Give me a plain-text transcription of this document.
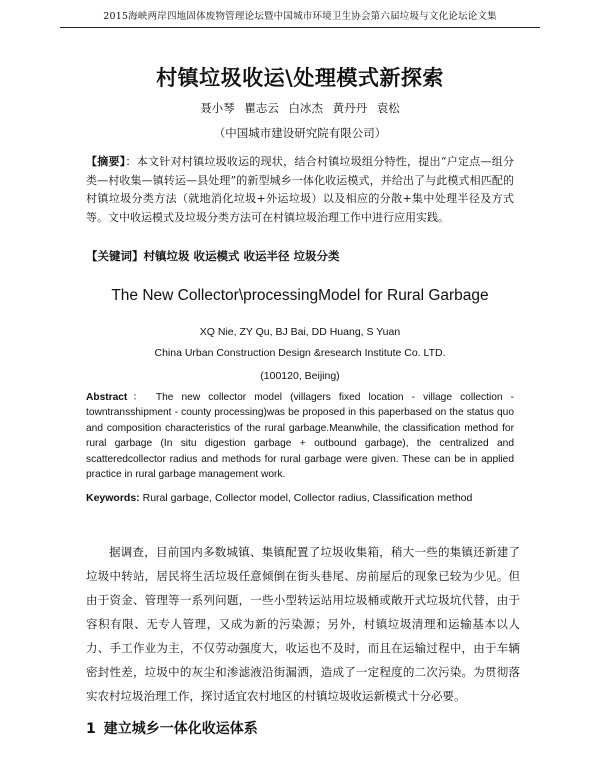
2015海峡两岸四地固体废物管理论坛暨中国城市环境卫生协会第六届垃圾与文化论坛论文集
村镇垃圾收运\处理模式新探索
聂小琴 瞿志云 白冰杰 黄丹丹 袁松
（中国城市建设研究院有限公司）
【摘要】：本文针对村镇垃圾收运的现状，结合村镇垃圾组分特性，提出“户定点—组分类—村收集—镇转运—县处理”的新型城乡一体化收运模式，并给出了与此模式相匹配的村镇垃圾分类方法（就地消化垃圾+外运垃圾）以及相应的分散+集中处理半径及方式等。文中收运模式及垃圾分类方法可在村镇垃圾治理工作中进行应用实践。
【关键词】村镇垃圾 收运模式 收运半径 垃圾分类
The New Collector\processingModel for Rural Garbage
XQ Nie, ZY Qu, BJ Bai, DD Huang, S Yuan
China Urban Construction Design &research Institute Co. LTD.
(100120, Beijing)
Abstract： The new collector model (villagers fixed location - village collection - towntransshipment - county processing)was be proposed in this paperbased on the status quo and composition characteristics of the rural garbage.Meanwhile, the classification method for rural garbage (In situ digestion garbage + outbound garbage), the centralized and scatteredcollector radius and methods for rural garbage were given. These can be in applied practice in rural garbage management work.
Keywords: Rural garbage, Collector model, Collector radius, Classification method
据调查，目前国内多数城镇、集镇配置了垃圾收集箱，稍大一些的集镇还新建了垃圾中转站，居民将生活垃圾任意倾倒在街头巷尾、房前屋后的现象已较为少见。但由于资金、管理等一系列问题，一些小型转运站用垃圾桶或敞开式垃圾坑代替，由于容积有限、无专人管理，又成为新的污染源；另外，村镇垃圾清理和运输基本以人力、手工作业为主，不仅劳动强度大，收运也不及时，而且在运输过程中，由于车辆密封性差，垃圾中的灰尘和渗滤液沿街漏洒，造成了一定程度的二次污染。为贯彻落实农村垃圾治理工作，探讨适宜农村地区的村镇垃圾收运新模式十分必要。
1 建立城乡一体化收运体系
